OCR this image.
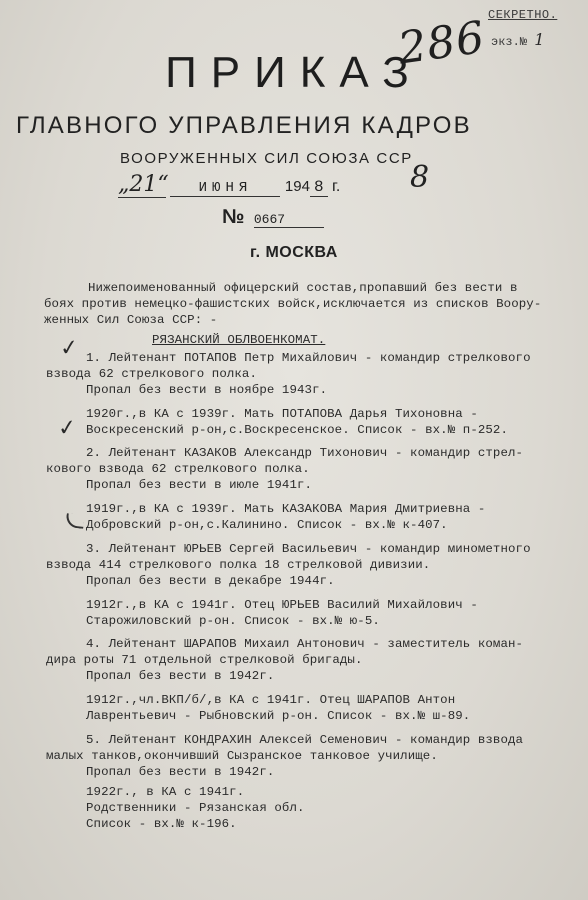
СЕКРЕТНО.
экз.№ 1
286
ПРИКАЗ
ГЛАВНОГО УПРАВЛЕНИЯ КАДРОВ
ВООРУЖЕННЫХ СИЛ СОЮЗА ССР
„21“ ИЮНЯ 194 8 г. 8
№ 0667
г. МОСКВА
Нижепоименованный офицерский состав,пропавший без вести в
боях против немецко-фашистских войск,исключается из списков Воору-
женных Сил Союза ССР: -
РЯЗАНСКИЙ ОБЛВОЕНКОМАТ.
✓ 1. Лейтенант ПОТАПОВ Петр Михайлович - командир стрелкового
взвода 62 стрелкового полка.
Пропал без вести в ноябре 1943г.
1920г.,в КА с 1939г. Мать ПОТАПОВА Дарья Тихоновна -
Воскресенский р-он,с.Воскресенское. Список - вх.№ п-252.
✓
2. Лейтенант КАЗАКОВ Александр Тихонович - командир стрел-
кового взвода 62 стрелкового полка.
Пропал без вести в июле 1941г.
1919г.,в КА с 1939г. Мать КАЗАКОВА Мария Дмитриевна -
Добровский р-он,с.Калинино. Список - вх.№ к-407.
3. Лейтенант ЮРЬЕВ Сергей Васильевич - командир минометного
взвода 414 стрелкового полка 18 стрелковой дивизии.
Пропал без вести в декабре 1944г.
1912г.,в КА с 1941г. Отец ЮРЬЕВ Василий Михайлович -
Старожиловский р-он. Список - вх.№ ю-5.
4. Лейтенант ШАРАПОВ Михаил Антонович - заместитель коман-
дира роты 71 отдельной стрелковой бригады.
Пропал без вести в 1942г.
1912г.,чл.ВКП/б/,в КА с 1941г. Отец ШАРАПОВ Антон
Лаврентьевич - Рыбновский р-он. Список - вх.№ ш-89.
5. Лейтенант КОНДРАХИН Алексей Семенович - командир взвода
малых танков,окончивший Сызранское танковое училище.
Пропал без вести в 1942г.
1922г., в КА с 1941г.
Родственники - Рязанская обл.
Список - вх.№ к-196.
